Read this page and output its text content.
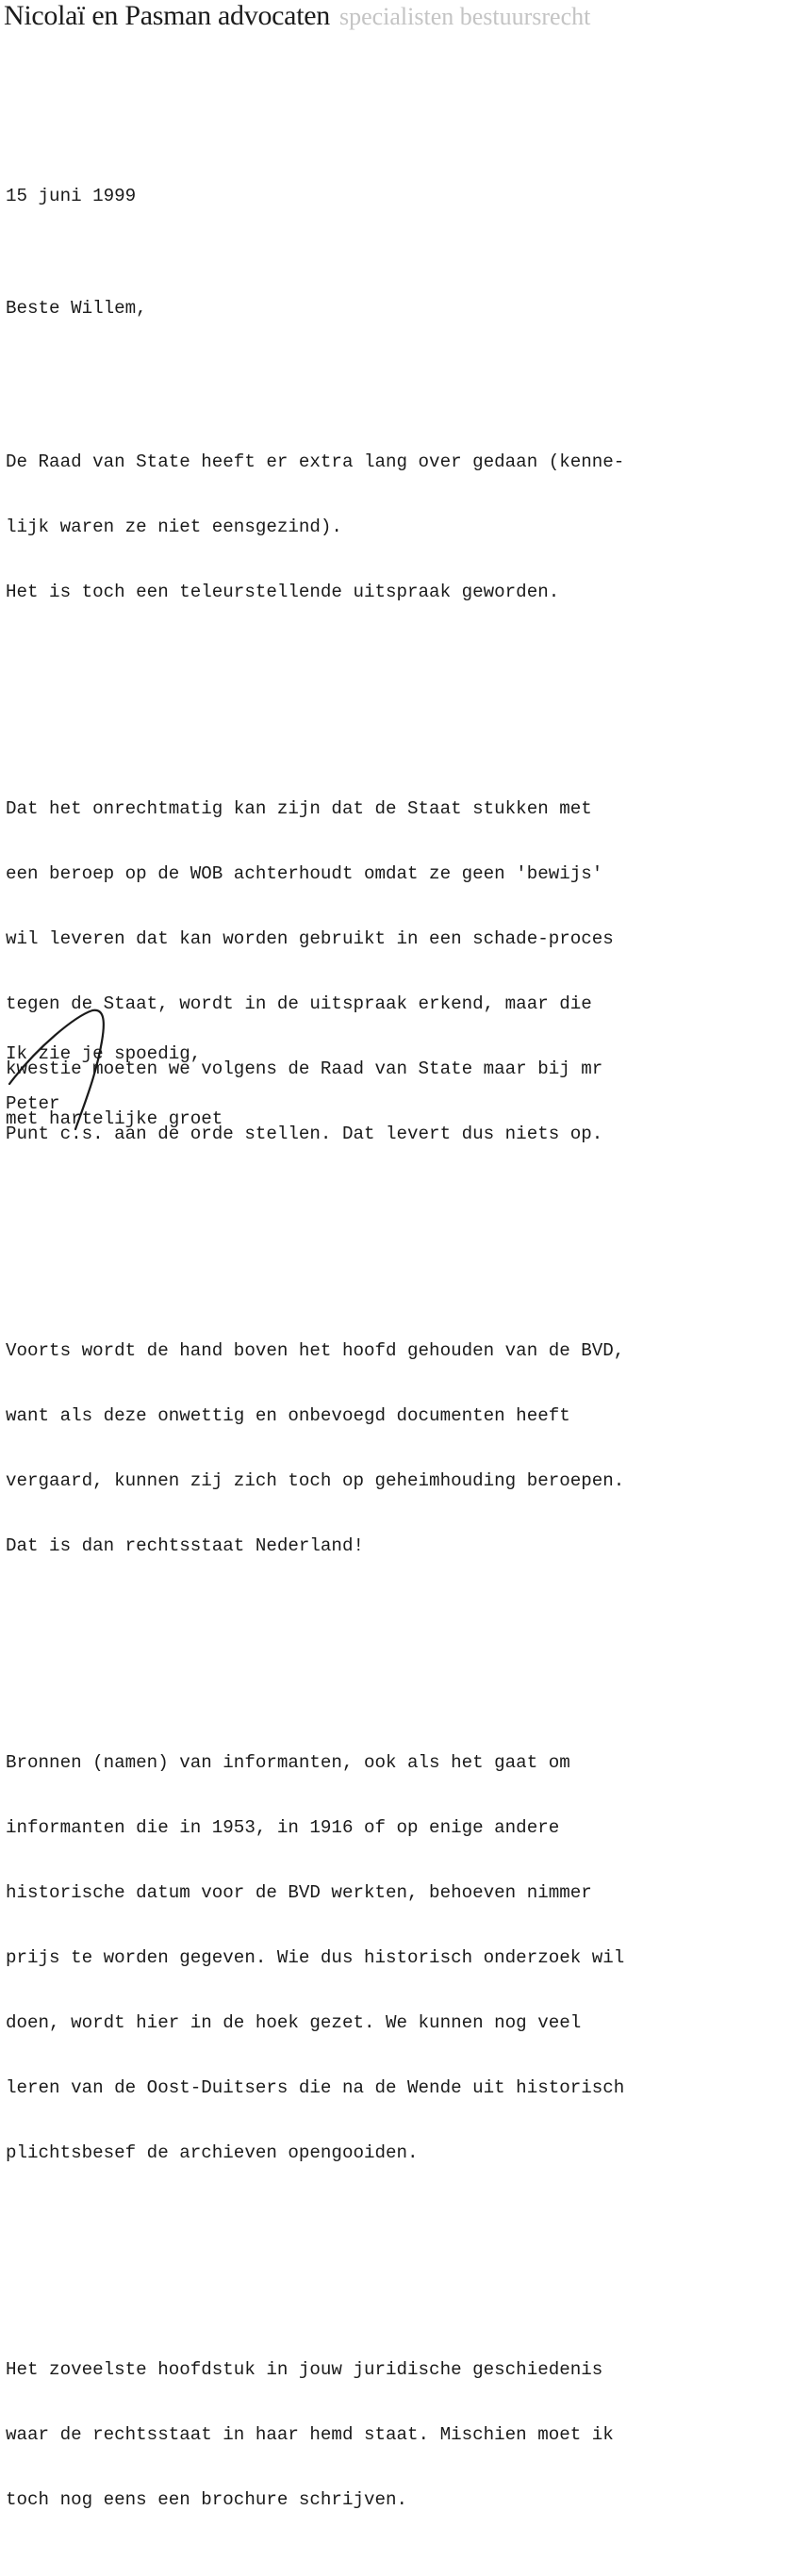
Nicolaï en Pasman advocaten specialisten bestuursrecht
15 juni 1999
Beste Willem,

De Raad van State heeft er extra lang over gedaan (kenne-

lijk waren ze niet eensgezind).

Het is toch een teleurstellende uitspraak geworden.

Dat het onrechtmatig kan zijn dat de Staat stukken met

een beroep op de WOB achterhoudt omdat ze geen 'bewijs'

wil leveren dat kan worden gebruikt in een schade-proces

tegen de Staat, wordt in de uitspraak erkend, maar die

kwestie moeten we volgens de Raad van State maar bij mr

Punt c.s. aan de orde stellen. Dat levert dus niets op.

Voorts wordt de hand boven het hoofd gehouden van de BVD,

want als deze onwettig en onbevoegd documenten heeft

vergaard, kunnen zij zich toch op geheimhouding beroepen.

Dat is dan rechtsstaat Nederland!

Bronnen (namen) van informanten, ook als het gaat om

informanten die in 1953, in 1916 of op enige andere

historische datum voor de BVD werkten, behoeven nimmer

prijs te worden gegeven. Wie dus historisch onderzoek wil

doen, wordt hier in de hoek gezet. We kunnen nog veel

leren van de Oost-Duitsers die na de Wende uit historisch

plichtsbesef de archieven opengooiden.

Het zoveelste hoofdstuk in jouw juridische geschiedenis

waar de rechtsstaat in haar hemd staat. Mischien moet ik

toch nog eens een brochure schrijven.

Ik zie je spoedig,

met hartelijke groet

Peter
